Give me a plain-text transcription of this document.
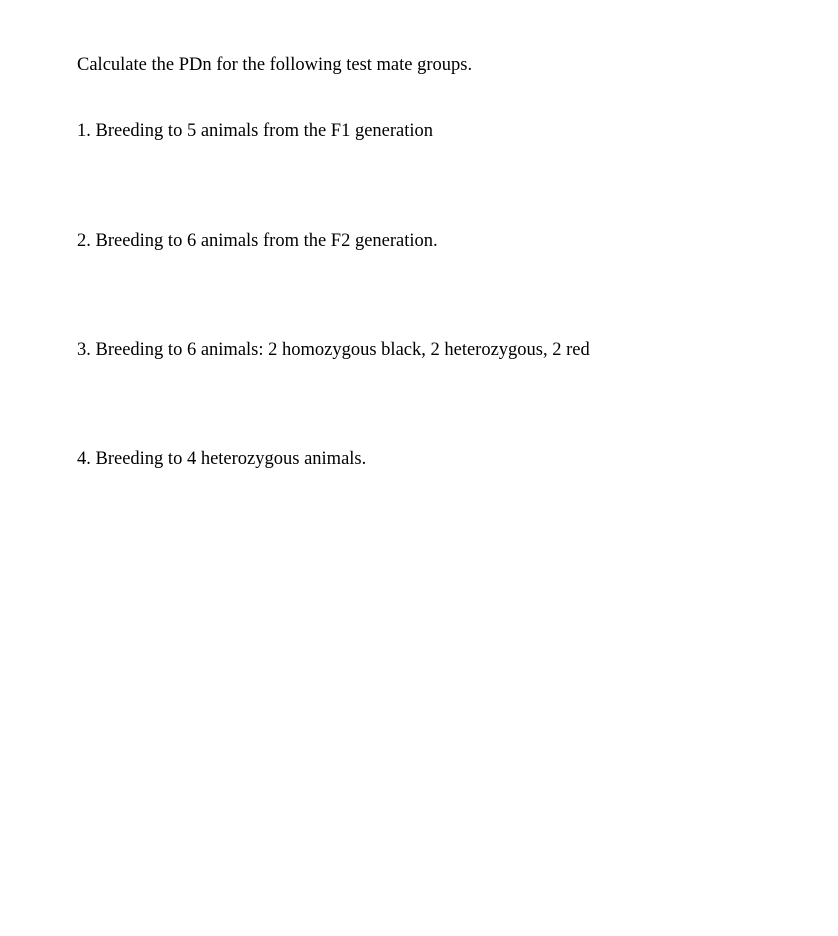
Calculate the PDn for the following test mate groups.
1. Breeding to 5 animals from the F1 generation
2. Breeding to 6 animals from the F2 generation.
3. Breeding to 6 animals: 2 homozygous black, 2 heterozygous, 2 red
4. Breeding to 4 heterozygous animals.
